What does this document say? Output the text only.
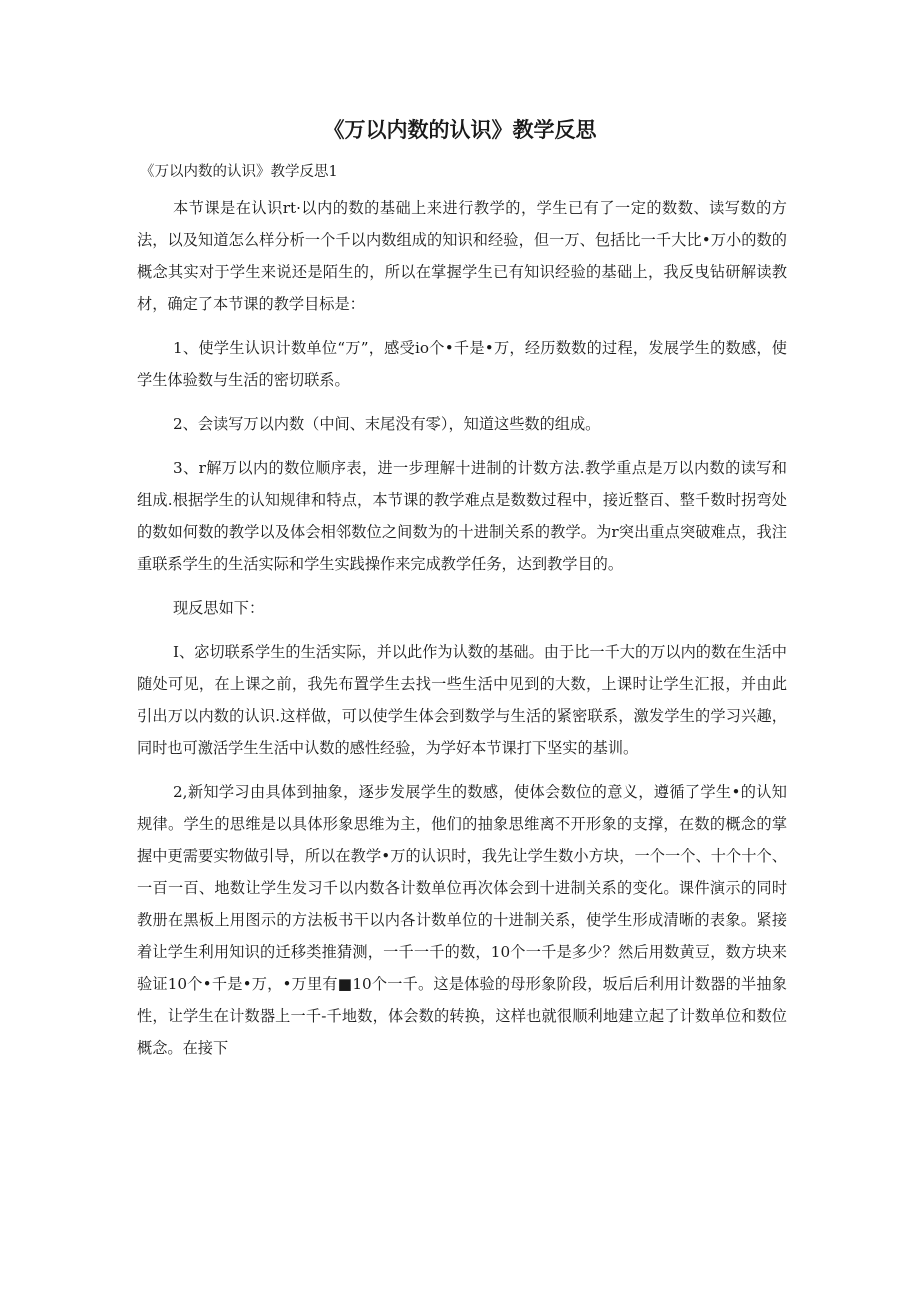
《万以内数的认识》教学反思
《万以内数的认识》教学反思1

本节课是在认识rt·以内的数的基础上来进行教学的，学生已有了一定的数数、读写数的方法，以及知道怎么样分析一个千以内数组成的知识和经验，但一万、包括比一千大比•万小的数的概念其实对于学生来说还是陌生的，所以在掌握学生已有知识经验的基础上，我反曳钻研解读教材，确定了本节课的教学目标是：

1、使学生认识计数单位“万”，感受io个•千是•万，经历数数的过程，发展学生的数感，使学生体验数与生活的密切联系。

2、会读写万以内数（中间、末尾没有零），知道这些数的组成。

3、r解万以内的数位顺序表，进一步理解十进制的计数方法.教学重点是万以内数的读写和组成.根据学生的认知规律和特点，本节课的教学难点是数数过程中，接近整百、整千数时拐弯处的数如何数的教学以及体会相邻数位之间数为的十进制关系的教学。为r突出重点突破难点，我注重联系学生的生活实际和学生实践操作来完成教学任务，达到教学目的。

现反思如下：

I、宓切联系学生的生活实际，并以此作为认数的基础。由于比一千大的万以内的数在生活中随处可见，在上课之前，我先布置学生去找一些生活中见到的大数，上课时让学生汇报，并由此引出万以内数的认识.这样做，可以使学生体会到数学与生活的紧密联系，激发学生的学习兴趣，同时也可激活学生生活中认数的感性经验，为学好本节课打下坚实的基训。

2,新知学习由具体到抽象，逐步发展学生的数感，使体会数位的意义，遵循了学生•的认知规律。学生的思维是以具体形象思维为主，他们的抽象思维离不开形象的支撑，在数的概念的掌握中更需要实物做引导，所以在教学•万的认识时，我先让学生数小方块，一个一个、十个十个、一百一百、地数让学生发习千以内数各计数单位再次体会到十进制关系的变化。课件演示的同时教册在黑板上用图示的方法板书干以内各计数单位的十进制关系，使学生形成清晰的表象。紧接着让学生利用知识的迁移类推猜测，一千一千的数，10个一千是多少？然后用数黄豆，数方块来验证10个•千是•万，•万里有■10个一千。这是体验的母形象阶段，坂后后利用计数器的半抽象性，让学生在计数器上一千-千地数，体会数的转换，这样也就很顺利地建立起了计数单位和数位概念。在接下
